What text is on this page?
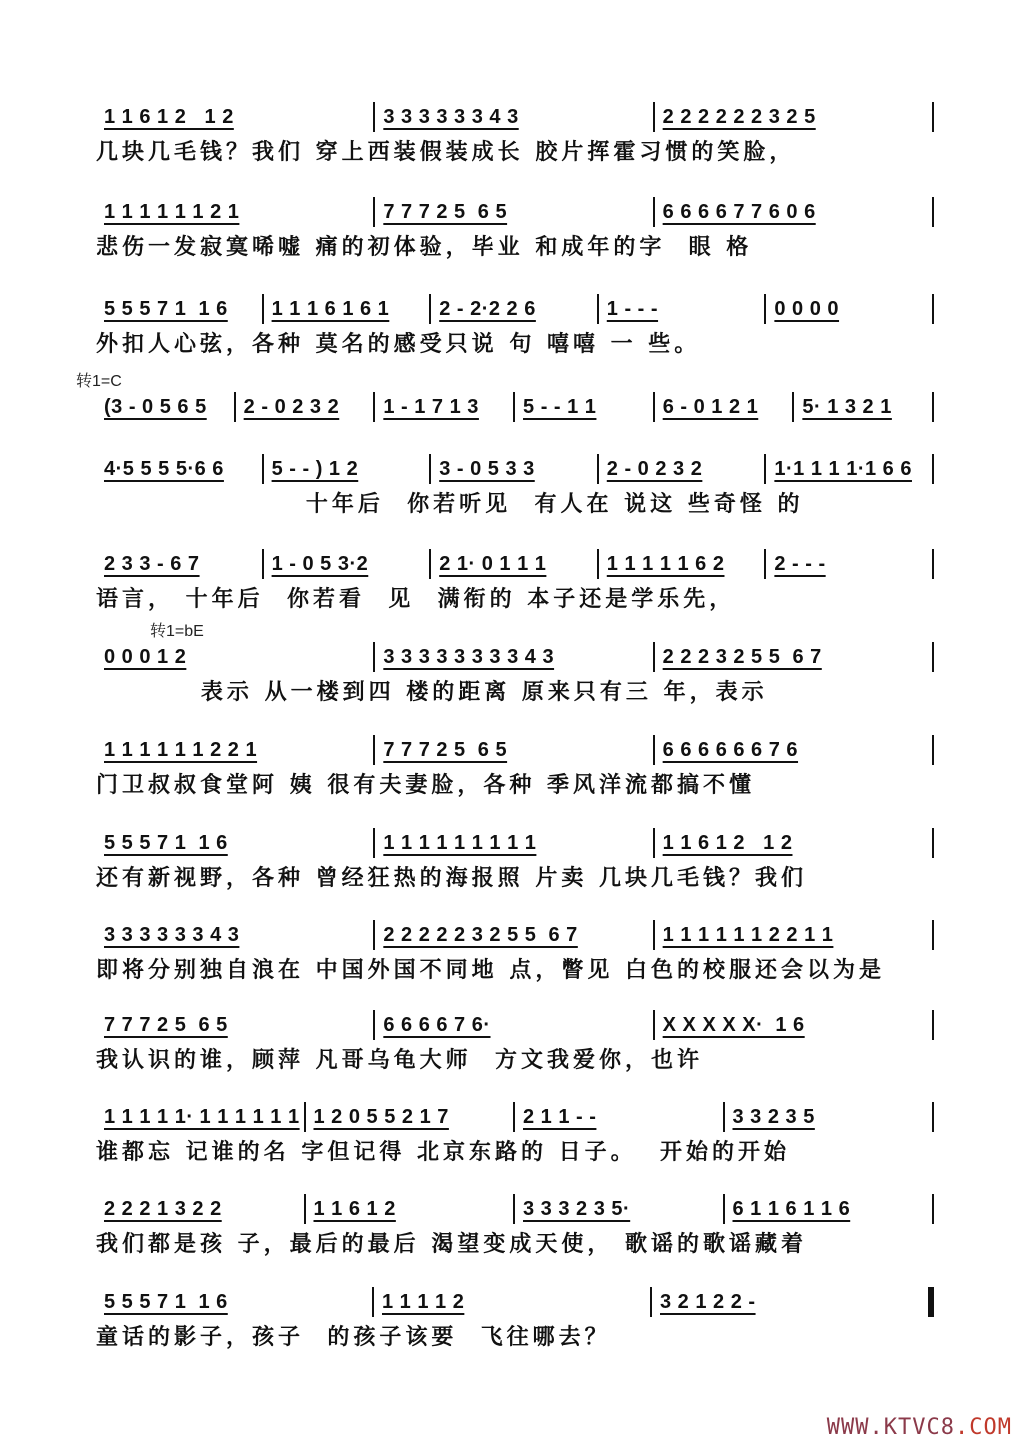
转1=C
转1=bE
1 1 6 1 2   1 2	3 3 3 3 3 3 4 3	2 2 2 2 2 2 3 2 5
几块几毛钱？我们 穿上西装假装成长 胶片挥霍习惯的笑脸，
1 1 1 1 1 1 2 1	7 7 7 2 5  6 5	6 6 6 6 7 7 6 0 6
悲伤一发寂寞唏嘘 痛的初体验，毕业 和成年的字  眼 格
5 5 5 7 1  1 6	1 1 1 6 1 6 1	2 - 2·2 2 6	1 - - -	0 0 0 0
外扣人心弦，各种 莫名的感受只说 句 嘻嘻 一 些。
(3 - 0 5 6 5	2 - 0 2 3 2	1 - 1 7 1 3	5 - - 1 1	6 - 0 1 2 1	5· 1 3 2 1
4·5 5 5 5·6 6	5 - - ) 1 2	3 - 0 5 3 3	2 - 0 2 3 2	1·1 1 1 1·1 6 6
十年后  你若听见  有人在 说这 些奇怪 的
2 3 3 - 6 7	1 - 0 5 3·2	2 1· 0 1 1 1	1 1 1 1 1 6 2	2 - - -
语言， 十年后  你若看  见  满衔的 本子还是学乐先，
0 0 0 1 2	3 3 3 3 3 3 3 3 4 3	2 2 2 3 2 5 5  6 7
表示 从一楼到四 楼的距离 原来只有三 年，表示
1 1 1 1 1 1 2 2 1	7 7 7 2 5  6 5	6 6 6 6 6 6 7 6
门卫叔叔食堂阿 姨 很有夫妻脸，各种 季风洋流都搞不懂
5 5 5 7 1  1 6	1 1 1 1 1 1 1 1 1	1 1 6 1 2   1 2
还有新视野，各种 曾经狂热的海报照 片卖 几块几毛钱？我们
3 3 3 3 3 3 4 3	2 2 2 2 2 3 2 5 5  6 7	1 1 1 1 1 1 2 2 1 1
即将分别独自浪在 中国外国不同地 点，瞥见 白色的校服还会以为是
7 7 7 2 5  6 5	6 6 6 6 7 6·	X X X X X·  1 6
我认识的谁，顾萍 凡哥乌龟大师  方文我爱你，也许
1 1 1 1 1· 1 1 1 1 1 1 1 2 0 5 5 2 1 7	2 1 1 - -	3 3 2 3 5
谁都忘 记谁的名 字但记得 北京东路的 日子。  开始的开始
2 2 2 1 3 2 2	1 1 6 1 2	3 3 3 2 3 5·	6 1 1 6 1 1 6
我们都是孩 子，最后的最后 渴望变成天使， 歌谣的歌谣藏着
5 5 5 7 1  1 6	1 1 1 1 2	3 2 1 2 2 -
童话的影子，孩子  的孩子该要  飞往哪去？
WWW.KTVC8.COM
